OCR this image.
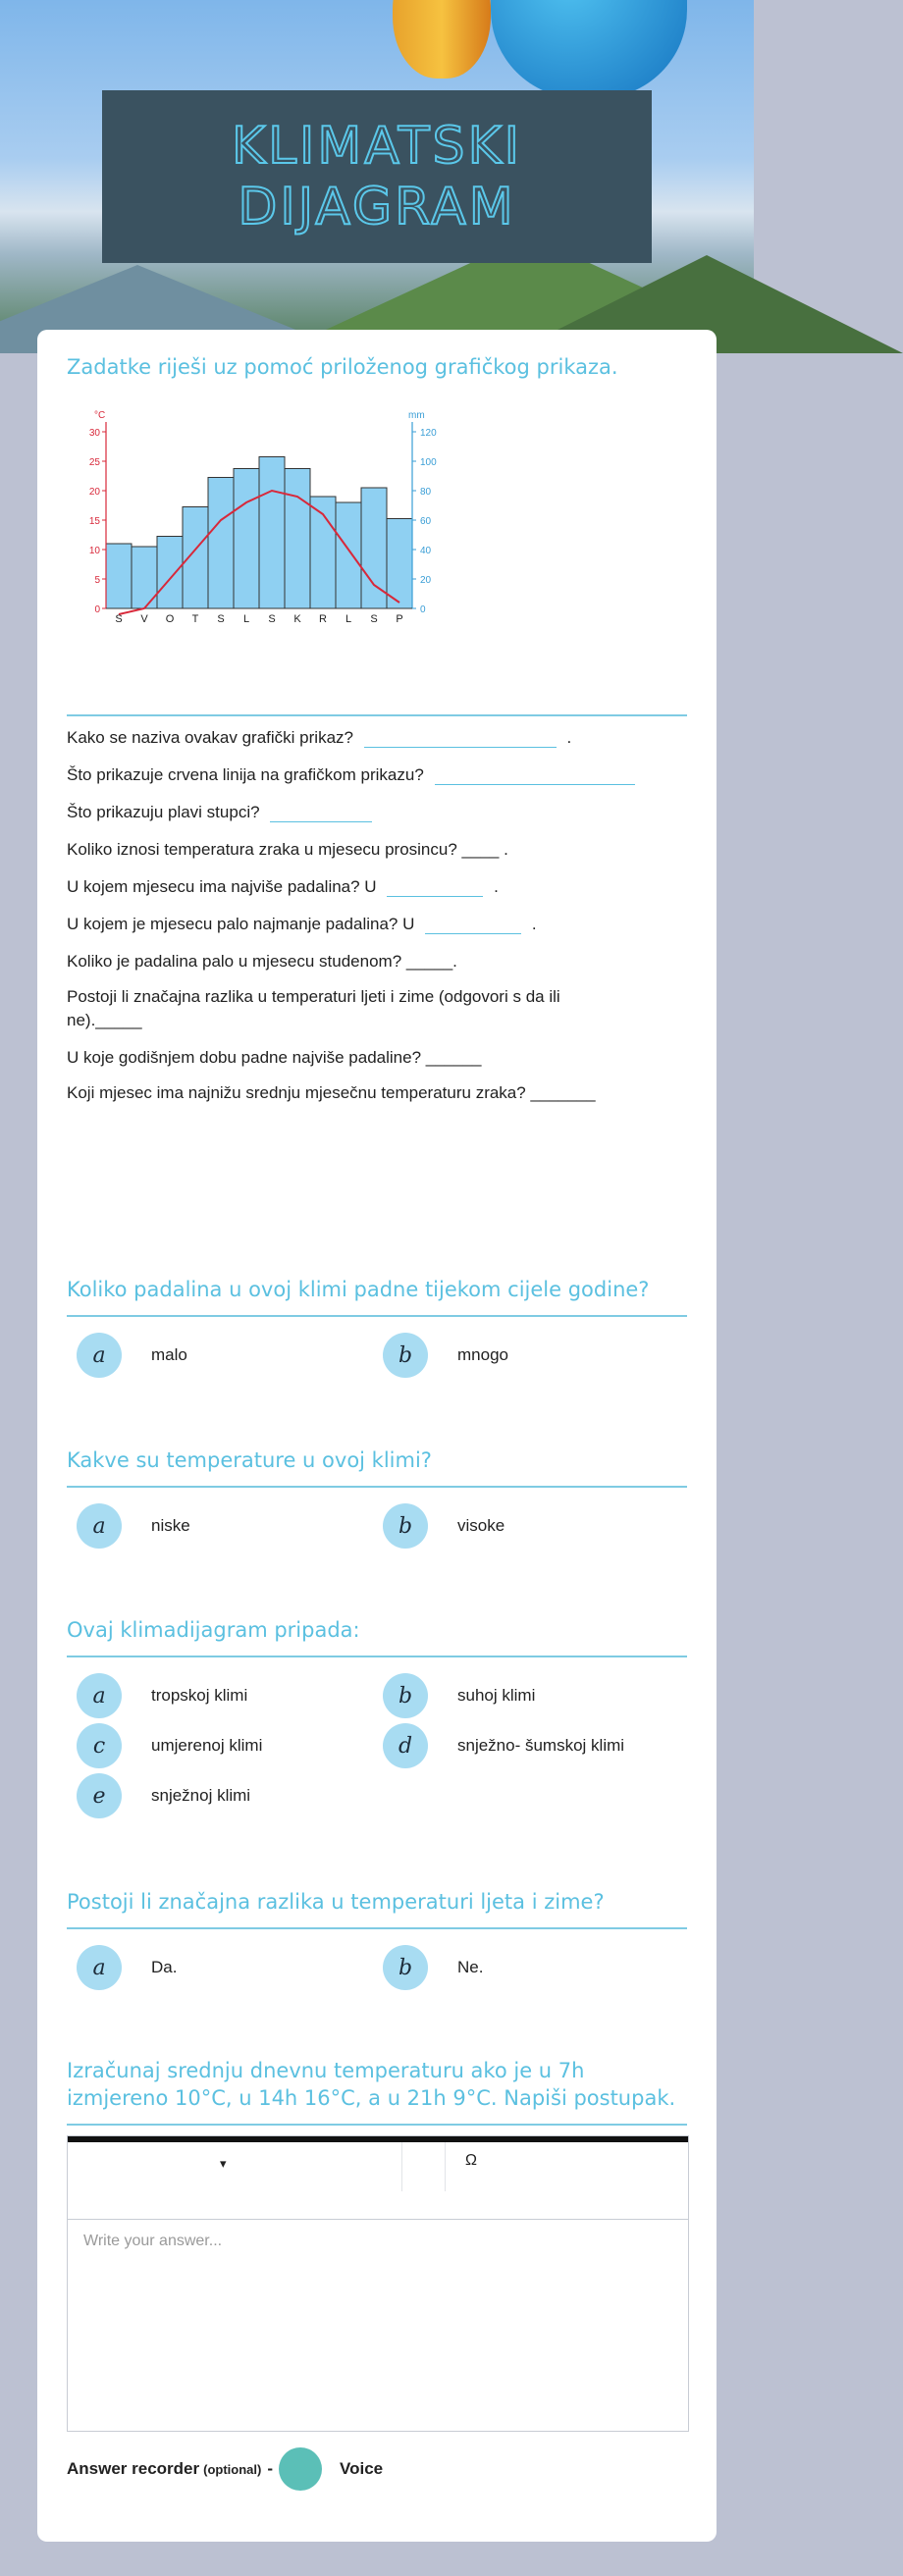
KLIMATSKI
DIJAGRAM
Zadatke riješi uz pomoć priloženog grafičkog prikaza.
0
5
10
15
20
25
30
0
20
40
60
80
100
120
°C	mm
S V O T S L S K R L S P
Kako se naziva ovakav grafički prikaz?	.
Što prikazuje crvena linija na grafičkom prikazu?
Što prikazuju plavi stupci?
Koliko iznosi temperatura zraka u mjesecu prosincu? ____ .
U kojem mjesecu ima najviše padalina? U	.
U kojem je mjesecu palo najmanje padalina? U	.
Koliko je padalina palo u mjesecu studenom? _____.
Postoji li značajna razlika u temperaturi ljeti i zime (odgovori s da ili
ne)._____
U koje godišnjem dobu padne najviše padaline? ______
Koji mjesec ima najnižu srednju mjesečnu temperaturu zraka? _______
Koliko padalina u ovoj klimi padne tijekom cijele godine?
a	malo	b	mnogo
Kakve su temperature u ovoj klimi?
a	niske	b	visoke
Ovaj klimadijagram pripada:
a	tropskoj klimi	b	suhoj klimi
c	umjerenoj klimi	d	snježno- šumskoj klimi
e	snježnoj klimi
Postoji li značajna razlika u temperaturi ljeta i zime?
a	Da.	b	Ne.
Izračunaj srednju dnevnu temperaturu ako je u 7h
izmjereno 10°C, u 14h 16°C, a u 21h 9°C. Napiši postupak.
▾	Ω
Write your answer...
Answer recorder (optional) -	Voice
